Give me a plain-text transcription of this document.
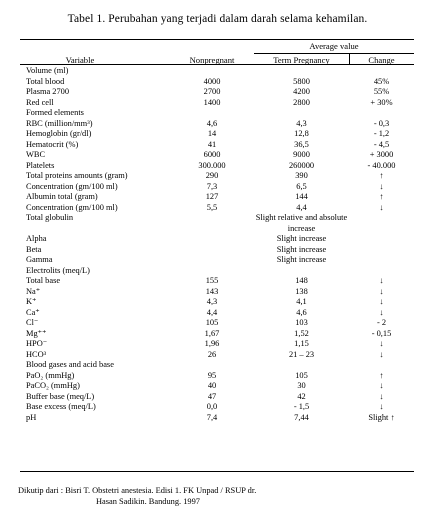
Tabel 1. Perubahan yang terjadi dalam darah selama kehamilan.
Average value
Variable	Nonpregnant	Term Pregnancy	Change
Volume (ml)
Total blood	4000	5800	45%
Plasma 2700	2700	4200	55%
Red cell	1400	2800	+ 30%
Formed elements
RBC (million/mm³)	4,6	4,3	- 0,3
Hemoglobin (gr/dl)	14	12,8	- 1,2
Hematocrit (%)	41	36,5	- 4,5
WBC	6000	9000	+ 3000
Platelets	300.000	260000	- 40.000
Total proteins amounts (gram)	290	390	↑
Concentration (gm/100 ml)	7,3	6,5	↓
Albumin total (gram)	127	144	↑
Concentration (gm/100 ml)	5,5	4,4	↓
Total globulin	Slight relative and absolute increase
Alpha	Slight increase
Beta	Slight increase
Gamma	Slight increase
Electrolits (meq/L)
Total base	155	148	↓
Na⁺	143	138	↓
K⁺	4,3	4,1	↓
Ca⁺	4,4	4,6	↓
Cl⁻	105	103	- 2
Mg⁺⁺	1,67	1,52	- 0,15
HPO⁻	1,96	1,15	↓
HCO³	26	21 – 23	↓
Blood gases and acid base
PaO₂ (mmHg)	95	105	↑
PaCO₂ (mmHg)	40	30	↓
Buffer base (meq/L)	47	42	↓
Base excess (meq/L)	0,0	- 1,5	↓
pH	7,4	7,44	Slight ↑
Dikutip dari : Bisri T. Obstetri anestesia. Edisi 1. FK Unpad / RSUP dr.
Hasan Sadikin. Bandung. 1997
